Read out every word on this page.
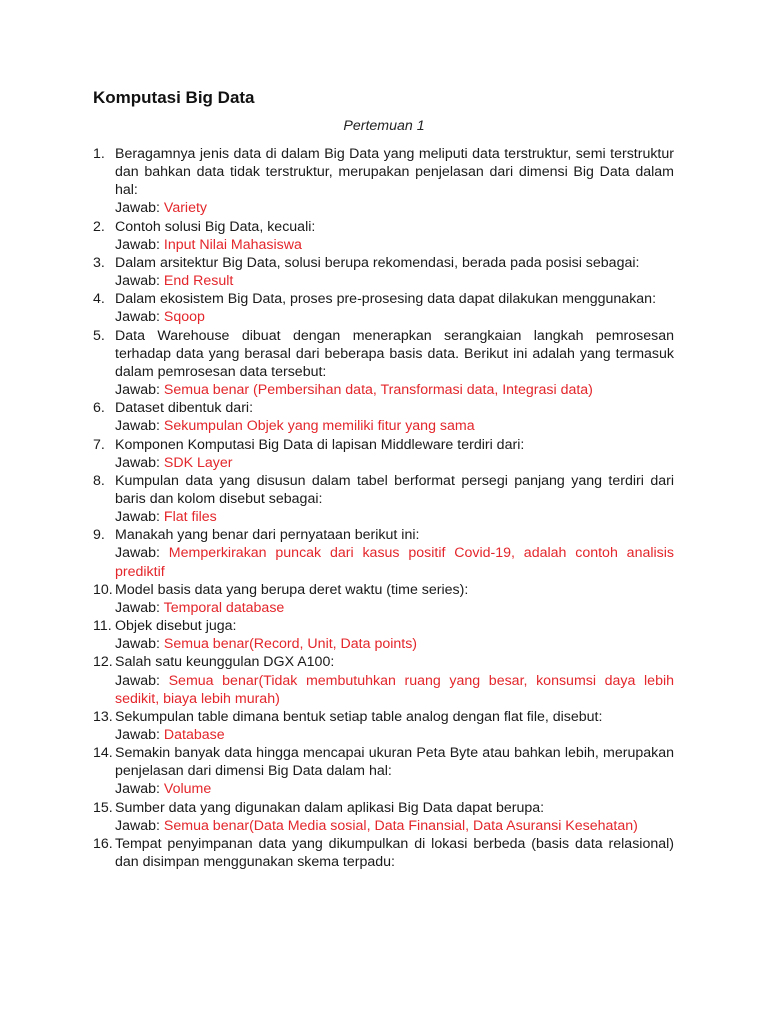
Komputasi Big Data

Pertemuan 1

1. Beragamnya jenis data di dalam Big Data yang meliputi data terstruktur, semi terstruktur dan bahkan data tidak terstruktur, merupakan penjelasan dari dimensi Big Data dalam hal:
Jawab: Variety
2. Contoh solusi Big Data, kecuali:
Jawab: Input Nilai Mahasiswa
3. Dalam arsitektur Big Data, solusi berupa rekomendasi, berada pada posisi sebagai:
Jawab: End Result
4. Dalam ekosistem Big Data, proses pre-prosesing data dapat dilakukan menggunakan:
Jawab: Sqoop
5. Data Warehouse dibuat dengan menerapkan serangkaian langkah pemrosesan terhadap data yang berasal dari beberapa basis data. Berikut ini adalah yang termasuk dalam pemrosesan data tersebut:
Jawab: Semua benar (Pembersihan data, Transformasi data, Integrasi data)
6. Dataset dibentuk dari:
Jawab: Sekumpulan Objek yang memiliki fitur yang sama
7. Komponen Komputasi Big Data di lapisan Middleware terdiri dari:
Jawab: SDK Layer
8. Kumpulan data yang disusun dalam tabel berformat persegi panjang yang terdiri dari baris dan kolom disebut sebagai:
Jawab: Flat files
9. Manakah yang benar dari pernyataan berikut ini:
Jawab: Memperkirakan puncak dari kasus positif Covid-19, adalah contoh analisis prediktif
10. Model basis data yang berupa deret waktu (time series):
Jawab: Temporal database
11. Objek disebut juga:
Jawab: Semua benar(Record, Unit, Data points)
12. Salah satu keunggulan DGX A100:
Jawab: Semua benar(Tidak membutuhkan ruang yang besar, konsumsi daya lebih sedikit, biaya lebih murah)
13. Sekumpulan table dimana bentuk setiap table analog dengan flat file, disebut:
Jawab: Database
14. Semakin banyak data hingga mencapai ukuran Peta Byte atau bahkan lebih, merupakan penjelasan dari dimensi Big Data dalam hal:
Jawab: Volume
15. Sumber data yang digunakan dalam aplikasi Big Data dapat berupa:
Jawab: Semua benar(Data Media sosial, Data Finansial, Data Asuransi Kesehatan)
16. Tempat penyimpanan data yang dikumpulkan di lokasi berbeda (basis data relasional) dan disimpan menggunakan skema terpadu:
